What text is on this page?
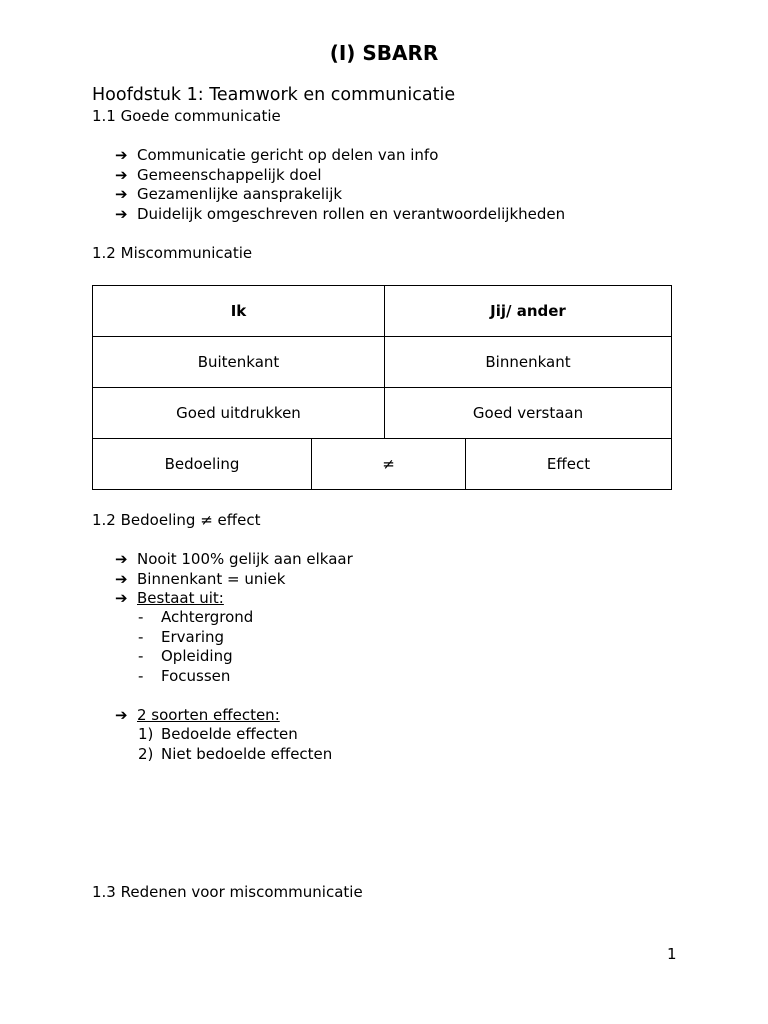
(I) SBARR
Hoofdstuk 1: Teamwork en communicatie
1.1 Goede communicatie
➔ Communicatie gericht op delen van info
➔ Gemeenschappelijk doel
➔ Gezamenlijke aansprakelijk
➔ Duidelijk omgeschreven rollen en verantwoordelijkheden
1.2 Miscommunicatie
Ik		Jij/ ander	
Buitenkant		Binnenkant	
Goed uitdrukken		Goed verstaan	
Bedoeling	≠		Effect
1.2 Bedoeling ≠ effect
➔ Nooit 100% gelijk aan elkaar
➔ Binnenkant = uniek
➔ Bestaat uit:
- Achtergrond
- Ervaring
- Opleiding
- Focussen
➔ 2 soorten effecten:
1) Bedoelde effecten
2) Niet bedoelde effecten
1.3 Redenen voor miscommunicatie
1
